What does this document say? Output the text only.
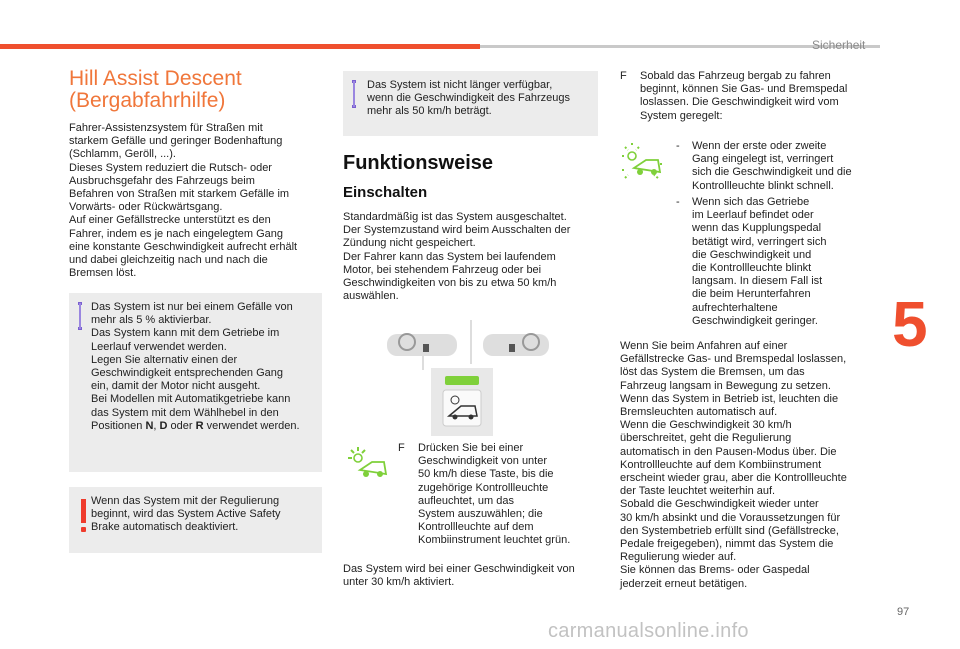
Sicherheit
5
97
Hill Assist Descent
(Bergabfahrhilfe)
Fahrer-Assistenzsystem für Straßen mit
starkem Gefälle und geringer Bodenhaftung
(Schlamm, Geröll, ...).
Dieses System reduziert die Rutsch- oder
Ausbruchsgefahr des Fahrzeugs beim
Befahren von Straßen mit starkem Gefälle im
Vorwärts- oder Rückwärtsgang.
Auf einer Gefällstrecke unterstützt es den
Fahrer, indem es je nach eingelegtem Gang
eine konstante Geschwindigkeit aufrecht erhält
und dabei gleichzeitig nach und nach die
Bremsen löst.
Das System ist nur bei einem Gefälle von
mehr als 5 % aktivierbar.
Das System kann mit dem Getriebe im
Leerlauf verwendet werden.
Legen Sie alternativ einen der
Geschwindigkeit entsprechenden Gang
ein, damit der Motor nicht ausgeht.
Bei Modellen mit Automatikgetriebe kann
das System mit dem Wählhebel in den
Positionen N, D oder R verwendet werden.
Wenn das System mit der Regulierung
beginnt, wird das System Active Safety
Brake automatisch deaktiviert.
Das System ist nicht länger verfügbar,
wenn die Geschwindigkeit des Fahrzeugs
mehr als 50 km/h beträgt.
Funktionsweise
Einschalten
Standardmäßig ist das System ausgeschaltet.
Der Systemzustand wird beim Ausschalten der
Zündung nicht gespeichert.
Der Fahrer kann das System bei laufendem
Motor, bei stehendem Fahrzeug oder bei
Geschwindigkeiten von bis zu etwa 50 km/h
auswählen.
F	Drücken Sie bei einer
Geschwindigkeit von unter
50 km/h diese Taste, bis die
zugehörige Kontrollleuchte
aufleuchtet, um das
System auszuwählen; die
Kontrollleuchte auf dem
Kombiinstrument leuchtet grün.
Das System wird bei einer Geschwindigkeit von
unter 30 km/h aktiviert.
F	Sobald das Fahrzeug bergab zu fahren
beginnt, können Sie Gas- und Bremspedal
loslassen. Die Geschwindigkeit wird vom
System geregelt:
-	Wenn der erste oder zweite
Gang eingelegt ist, verringert
sich die Geschwindigkeit und die
Kontrollleuchte blinkt schnell.
-	Wenn sich das Getriebe
im Leerlauf befindet oder
wenn das Kupplungspedal
betätigt wird, verringert sich
die Geschwindigkeit und
die Kontrollleuchte blinkt
langsam. In diesem Fall ist
die beim Herunterfahren
aufrechterhaltene
Geschwindigkeit geringer.
Wenn Sie beim Anfahren auf einer
Gefällstrecke Gas- und Bremspedal loslassen,
löst das System die Bremsen, um das
Fahrzeug langsam in Bewegung zu setzen.
Wenn das System in Betrieb ist, leuchten die
Bremsleuchten automatisch auf.
Wenn die Geschwindigkeit 30 km/h
überschreitet, geht die Regulierung
automatisch in den Pausen-Modus über. Die
Kontrollleuchte auf dem Kombiinstrument
erscheint wieder grau, aber die Kontrollleuchte
der Taste leuchtet weiterhin auf.
Sobald die Geschwindigkeit wieder unter
30 km/h absinkt und die Voraussetzungen für
den Systembetrieb erfüllt sind (Gefällstrecke,
Pedale freigegeben), nimmt das System die
Regulierung wieder auf.
Sie können das Brems- oder Gaspedal
jederzeit erneut betätigen.
carmanualsonline.info
